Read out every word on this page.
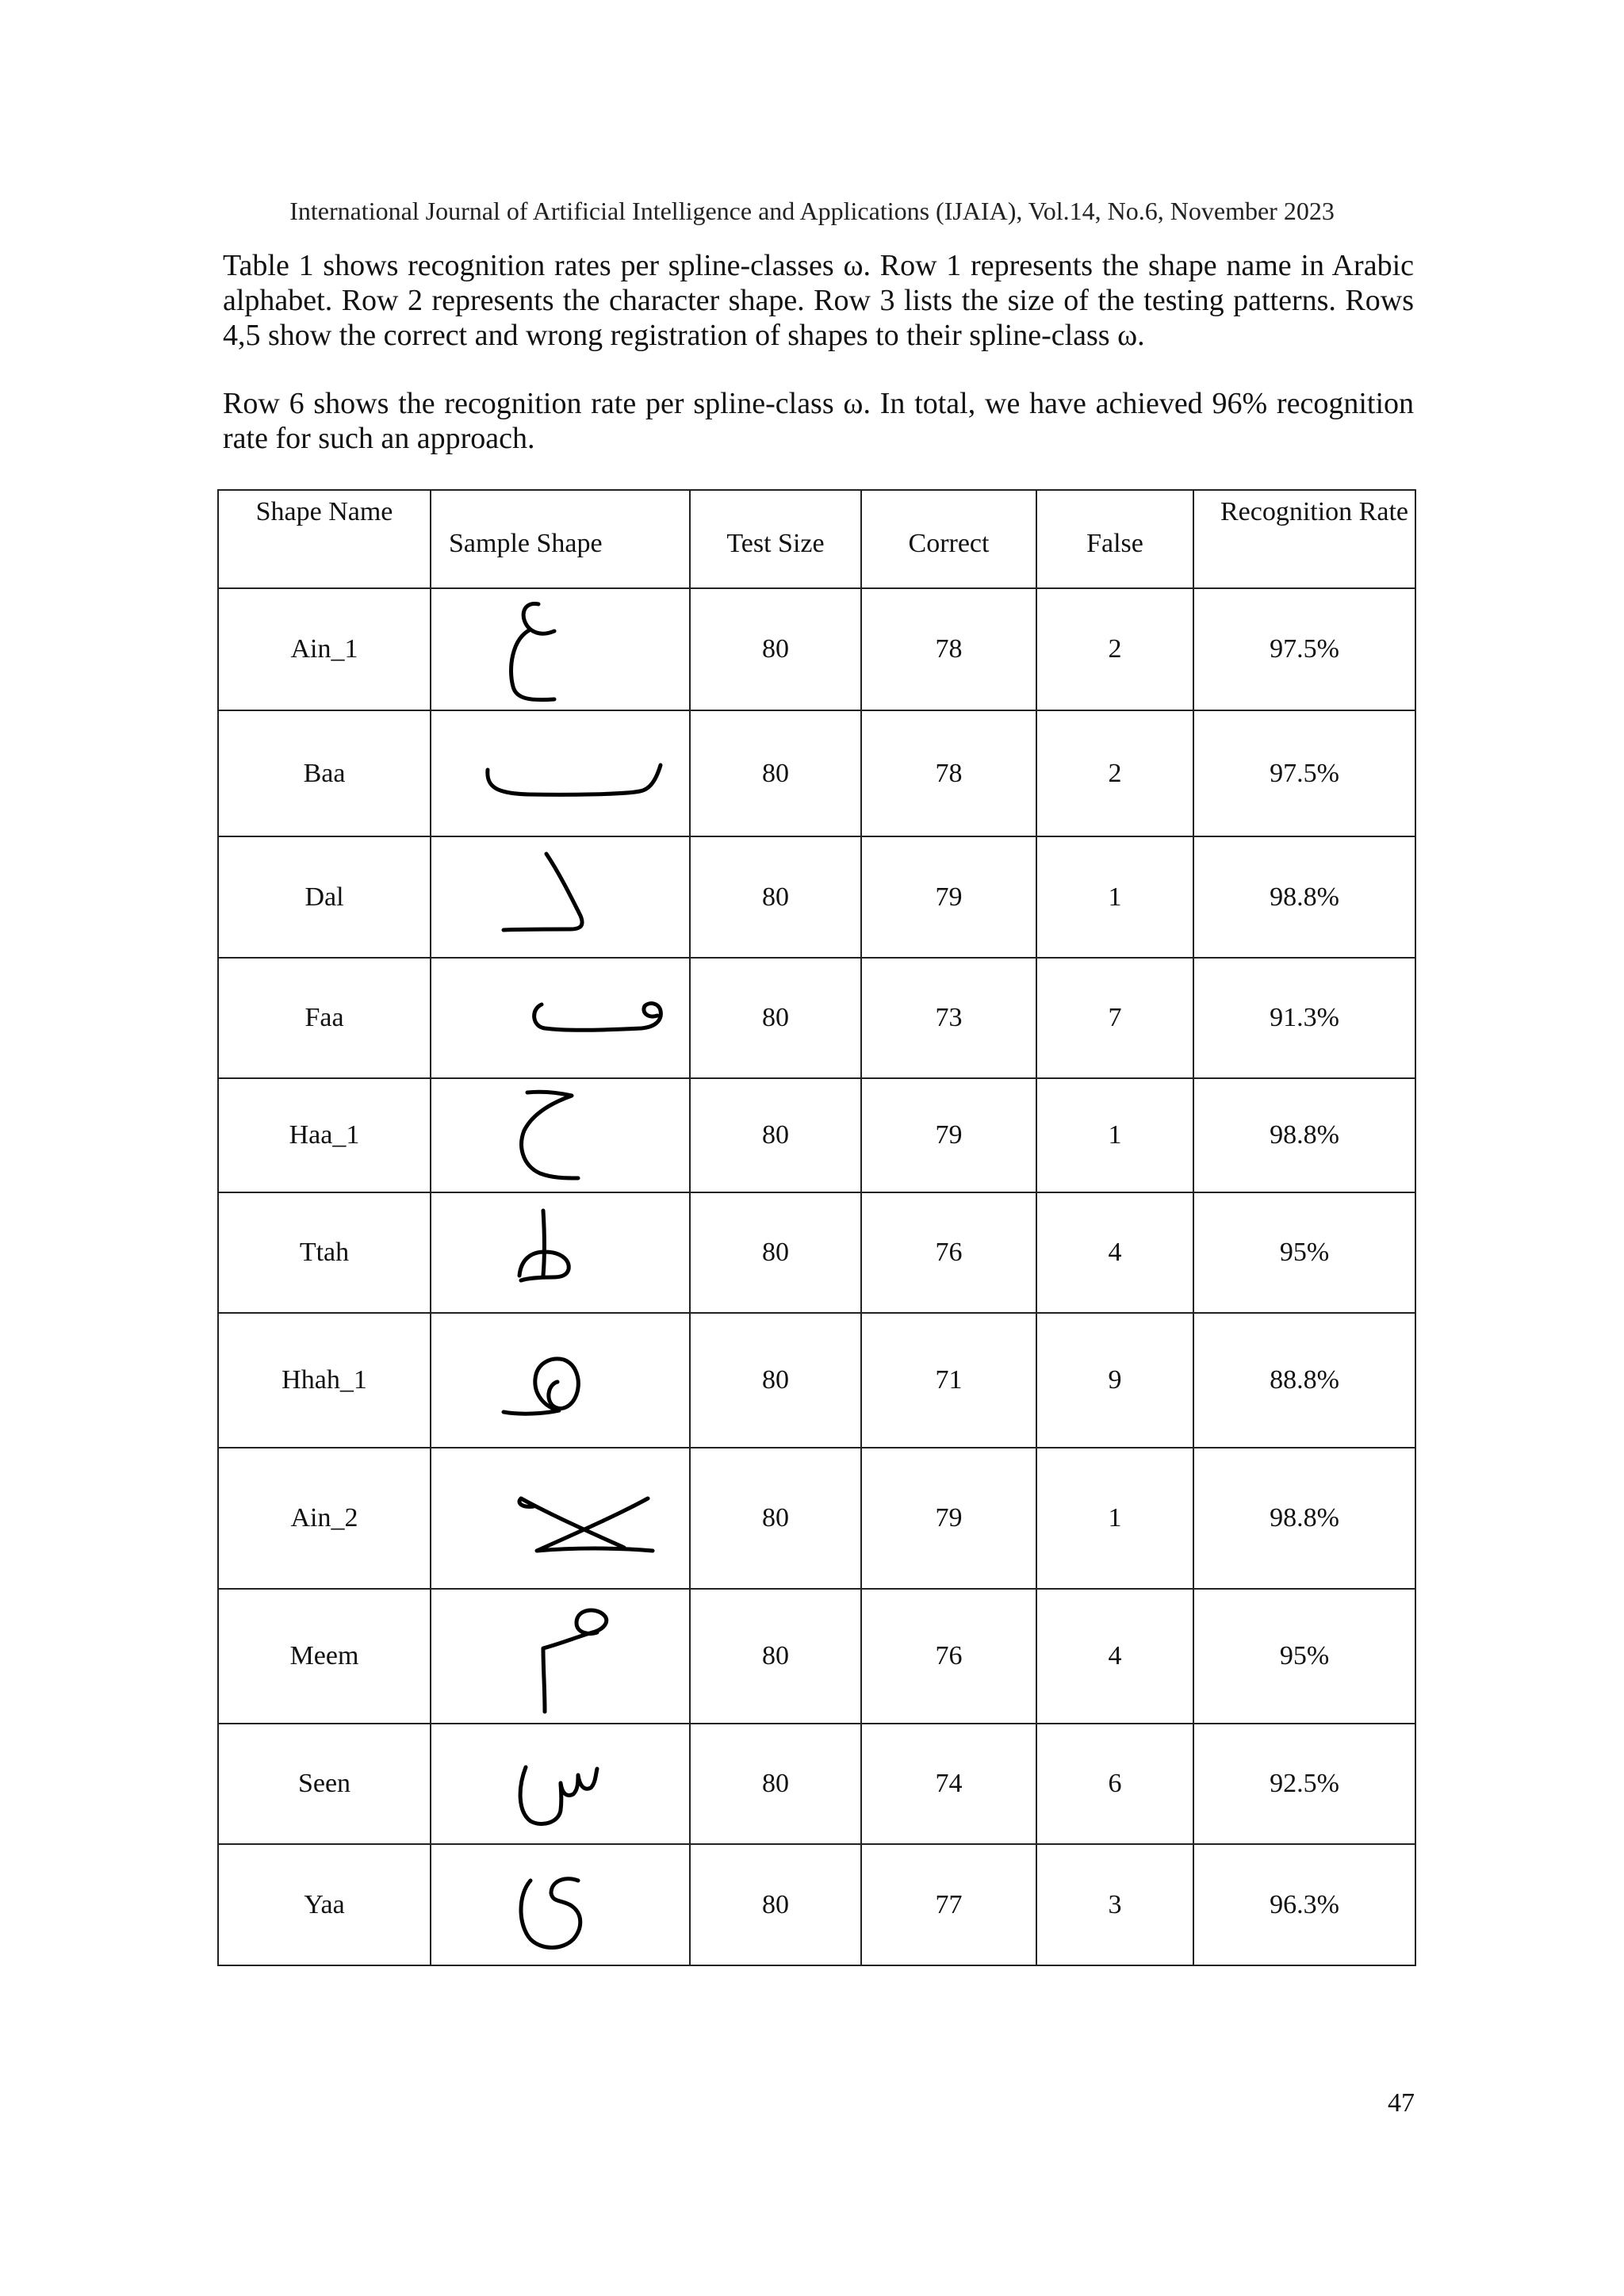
International Journal of Artificial Intelligence and Applications (IJAIA), Vol.14, No.6, November 2023
Table 1 shows recognition rates per spline-classes ω. Row 1 represents the shape name in Arabic alphabet. Row 2 represents the character shape. Row 3 lists the size of the testing patterns. Rows 4,5 show the correct and wrong registration of shapes to their spline-class ω.
Row 6 shows the recognition rate per spline-class ω. In total, we have achieved 96% recognition rate for such an approach.
Shape Name	Sample Shape	Test Size	Correct	False	Recognition Rate

Ain_1		80	78	2	97.5%
Baa		80	78	2	97.5%
Dal		80	79	1	98.8%
Faa		80	73	7	91.3%
Haa_1		80	79	1	98.8%
Ttah		80	76	4	95%
Hhah_1		80	71	9	88.8%
Ain_2		80	79	1	98.8%
Meem		80	76	4	95%
Seen		80	74	6	92.5%
Yaa		80	77	3	96.3%
47
